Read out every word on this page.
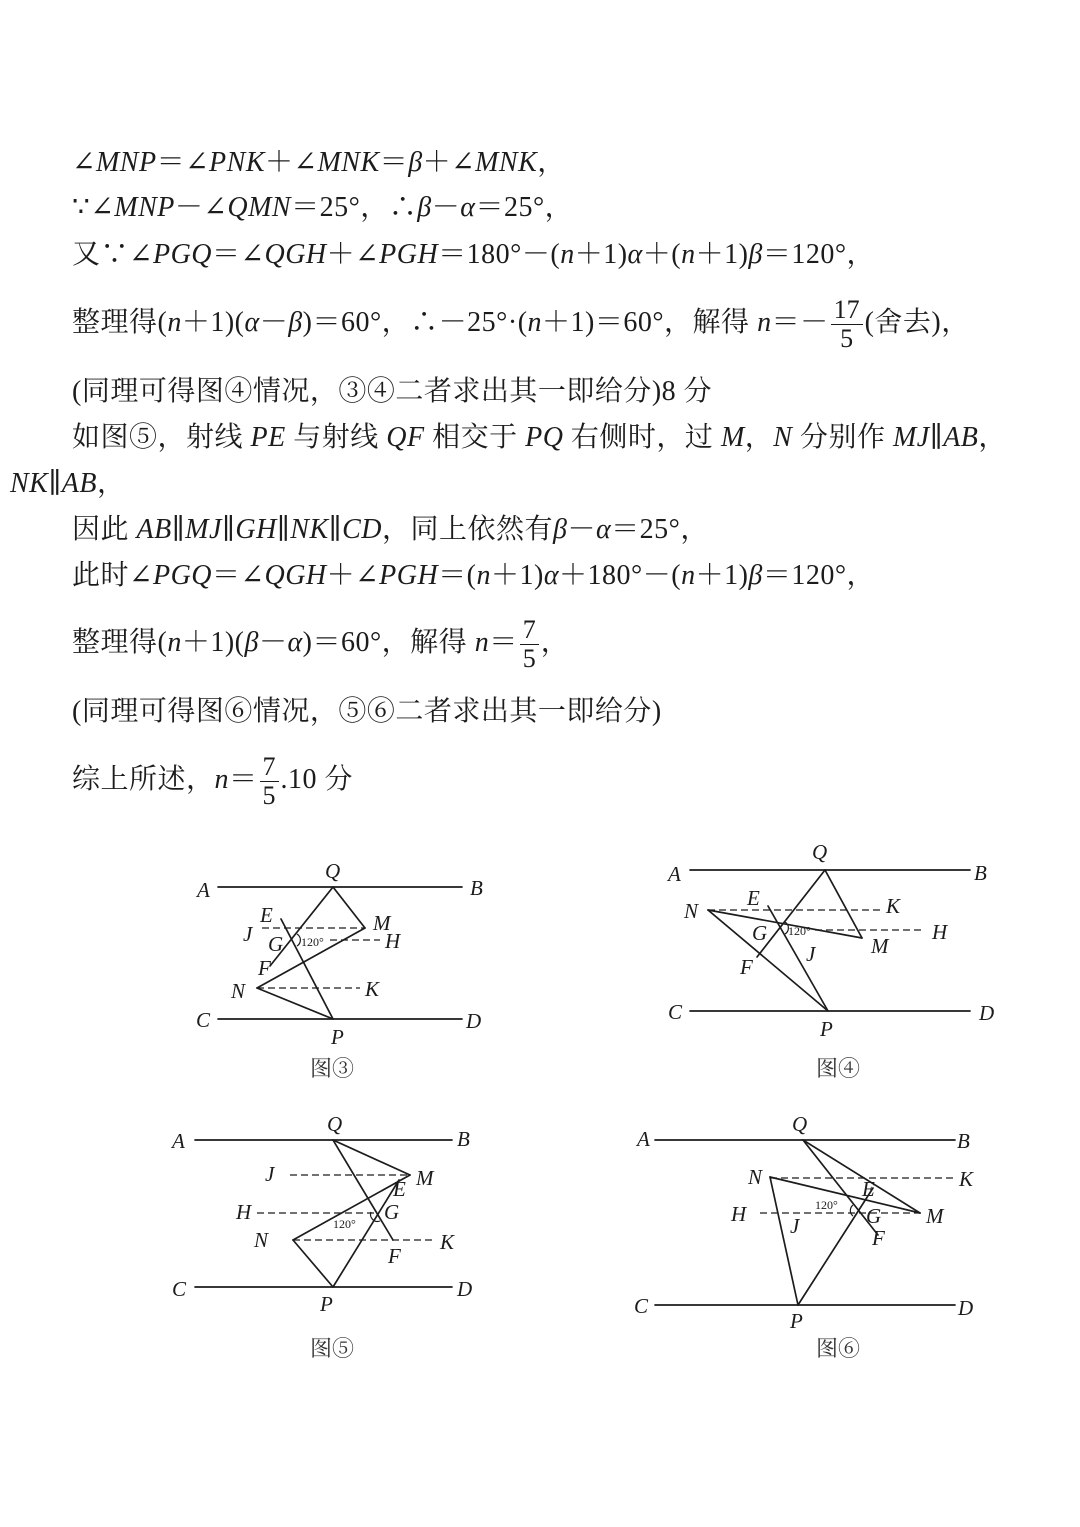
∠MNP＝∠PNK＋∠MNK＝β＋∠MNK，
∵∠MNP－∠QMN＝25°，∴β－α＝25°，
又∵∠PGQ＝∠QGH＋∠PGH＝180°－(n＋1)α＋(n＋1)β＝120°，
整理得(n＋1)(α－β)＝60°，∴－25°·(n＋1)＝60°，解得 $n=- \frac{17}{5}$ (舍去)，
(同理可得图④情况，③④二者求出其一即给分)8 分
如图⑤，射线 PE 与射线 QF 相交于 PQ 右侧时，过 M，N 分别作 MJ∥AB，
NK∥AB，
因此 AB∥MJ∥GH∥NK∥CD，同上依然有β－α＝25°，
此时∠PGQ＝∠QGH＋∠PGH＝(n＋1)α＋180°－(n＋1)β＝120°，
整理得(n＋1)(β－α)＝60°，解得 $n= \frac{7}{5}$ ，
(同理可得图⑥情况，⑤⑥二者求出其一即给分)
综上所述，$n= \frac{7}{5} .10$ 分
A	B
C	D
Q
P
M
N
J
E
G	H
F
K
120°
图③
A	B
C	D
Q
P
M
N
J
E
G	H
F
K
120°
图④
A	B
C	D
Q
P
M
N
J
E
G
H
F
K
120°
图⑤
A	B
C	D
Q
P
M
N
J
E
G
H
F
K
120°
图⑥
